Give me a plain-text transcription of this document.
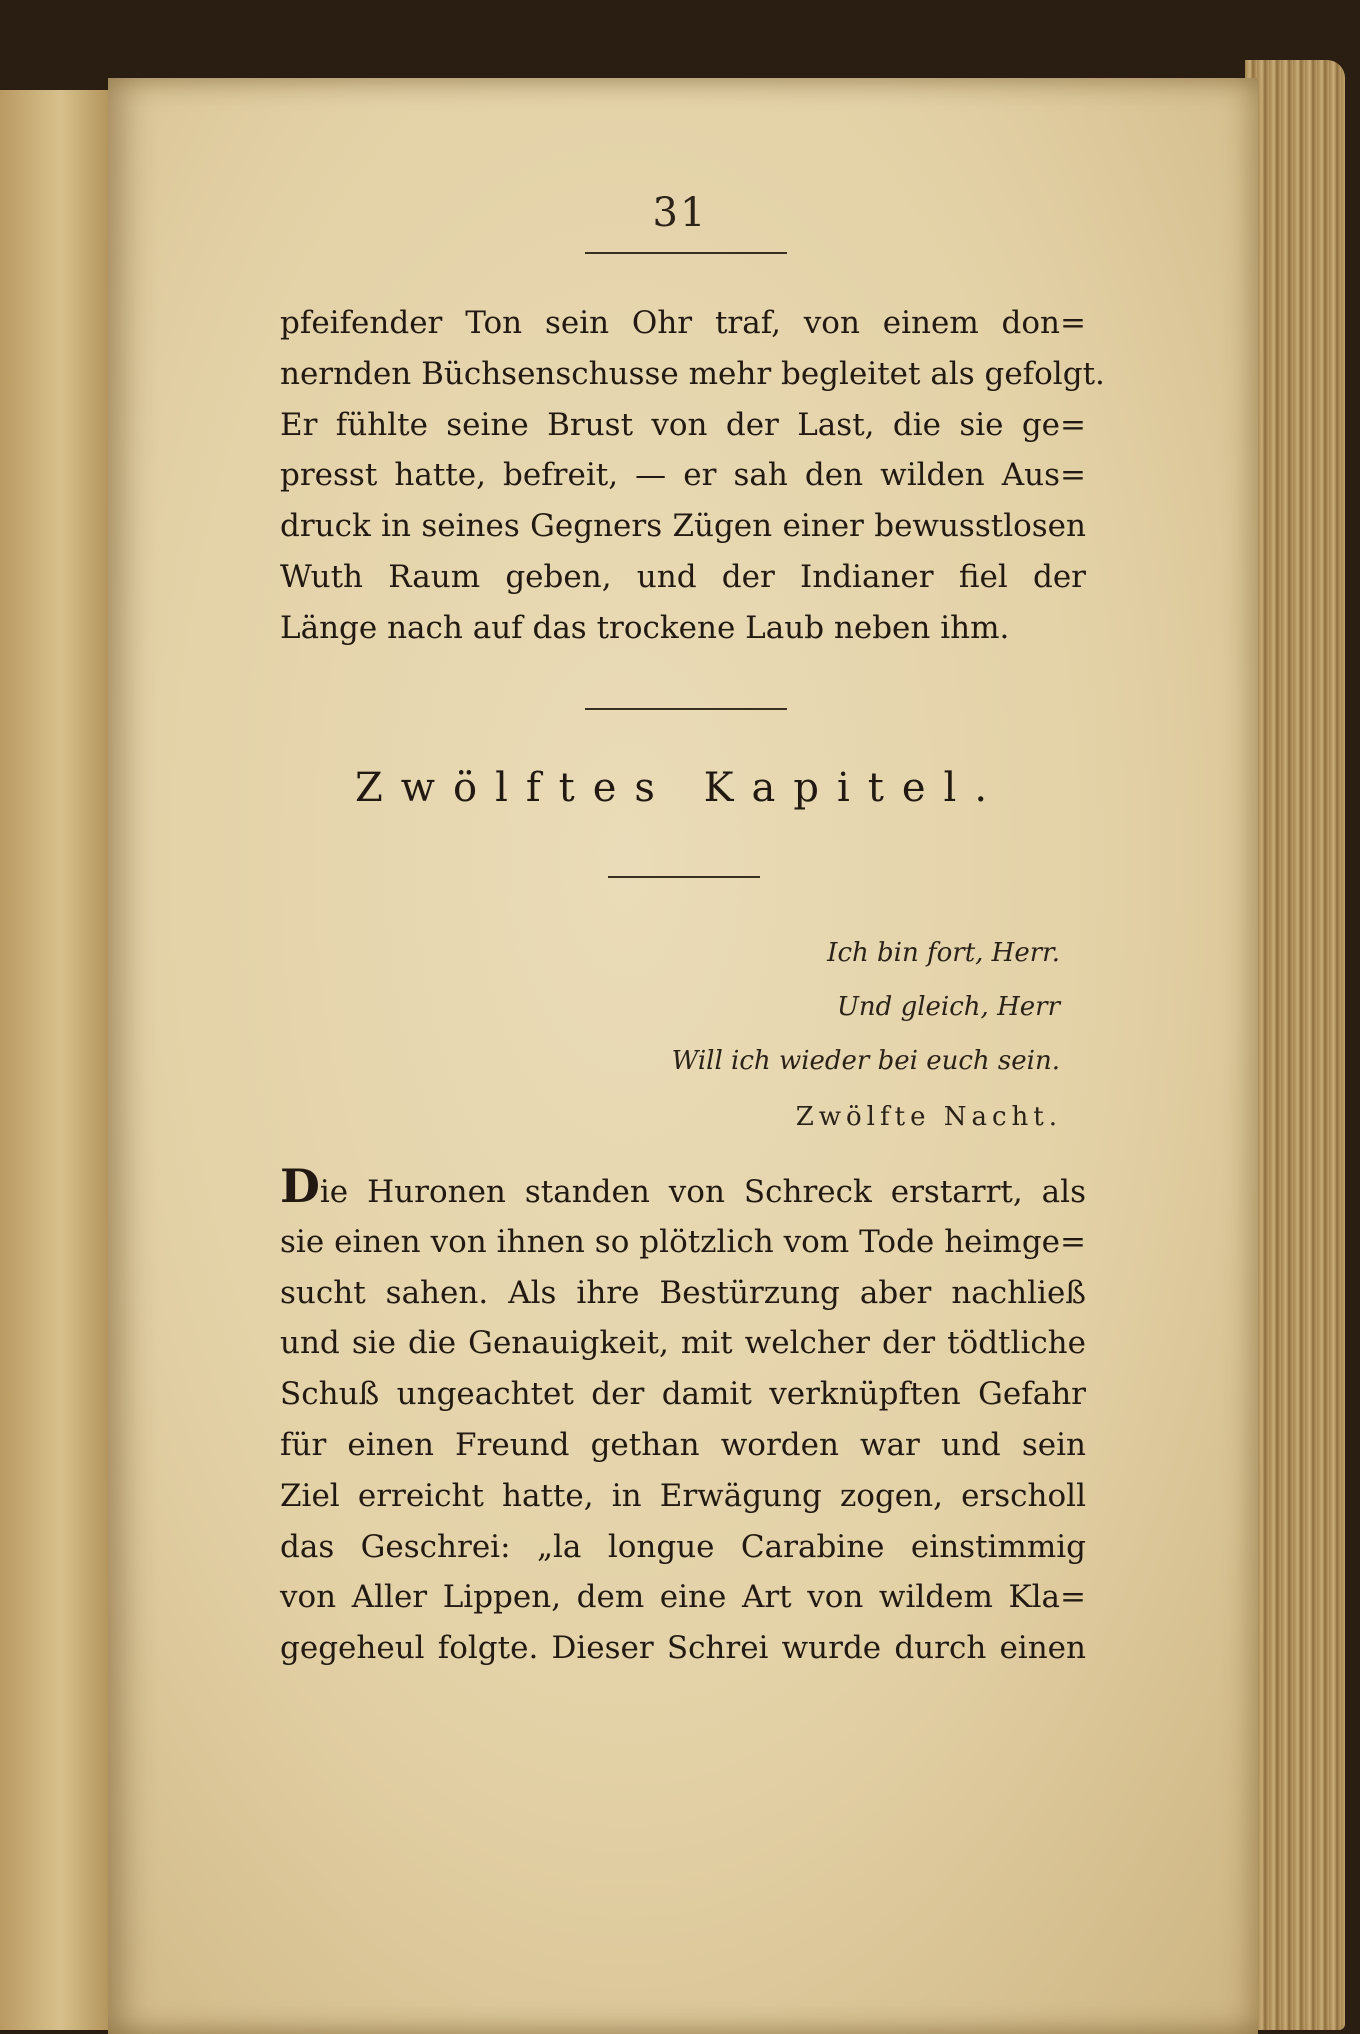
31
pfeifender Ton sein Ohr traf, von einem don=
nernden Büchsenschusse mehr begleitet als gefolgt.
Er fühlte seine Brust von der Last, die sie ge=
presst hatte, befreit, — er sah den wilden Aus=
druck in seines Gegners Zügen einer bewusstlosen
Wuth Raum geben, und der Indianer fiel der
Länge nach auf das trockene Laub neben ihm.
Zwölftes Kapitel.
Ich bin fort, Herr.
Und gleich, Herr
Will ich wieder bei euch sein.
Zwölfte Nacht.
Die Huronen standen von Schreck erstarrt, als
sie einen von ihnen so plötzlich vom Tode heimge=
sucht sahen. Als ihre Bestürzung aber nachließ
und sie die Genauigkeit, mit welcher der tödtliche
Schuß ungeachtet der damit verknüpften Gefahr
für einen Freund gethan worden war und sein
Ziel erreicht hatte, in Erwägung zogen, erscholl
das Geschrei: „la longue Carabine einstimmig
von Aller Lippen, dem eine Art von wildem Kla=
gegeheul folgte. Dieser Schrei wurde durch einen
